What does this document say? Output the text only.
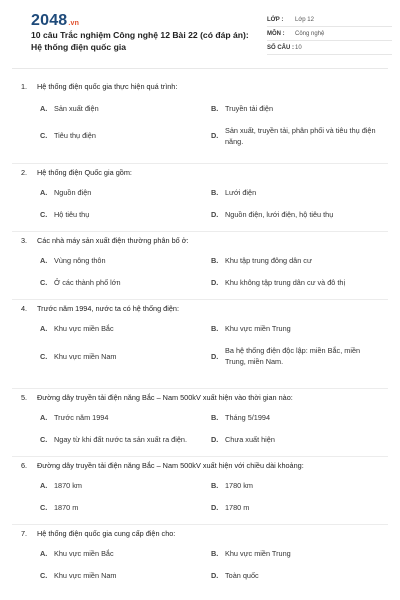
2048.vn
10 câu Trắc nghiệm Công nghệ 12 Bài 22 (có đáp án): Hệ thống điện quốc gia
LỚP :	Lớp 12
MÔN :	Công nghệ
SỐ CÂU : 10
1. Hệ thống điện quốc gia thực hiện quá trình:
A. Sản xuất điện	B. Truyền tải điện
C. Tiêu thụ điện	D.
Sản xuất, truyền tải, phân phối và tiêu thụ điện năng.
2. Hệ thống điện Quốc gia gồm:
A. Nguồn điện	B. Lưới điện
C. Hộ tiêu thụ	D. Nguồn điện, lưới điện, hộ tiêu thụ
3. Các nhà máy sản xuất điện thường phân bố ở:
A. Vùng nông thôn	B. Khu tập trung đông dân cư
C. Ở các thành phố lớn	D. Khu không tập trung dân cư và đô thị
4. Trước năm 1994, nước ta có hệ thống điện:
A. Khu vực miền Bắc	B. Khu vực miền Trung
C. Khu vực miền Nam	D.
Ba hệ thống điện độc lập: miền Bắc, miền Trung, miền Nam.
5. Đường dây truyền tải điện năng Bắc – Nam 500kV xuất hiện vào thời gian nào:
A. Trước năm 1994	B. Tháng 5/1994
C. Ngay từ khi đất nước ta sản xuất ra điện.	D. Chưa xuất hiện
6. Đường dây truyền tải điện năng Bắc – Nam 500kV xuất hiện với chiều dài khoảng:
A. 1870 km	B. 1780 km
C. 1870 m	D. 1780 m
7. Hệ thống điện quốc gia cung cấp điện cho:
A. Khu vực miền Bắc	B. Khu vực miền Trung
C. Khu vực miền Nam	D. Toàn quốc
